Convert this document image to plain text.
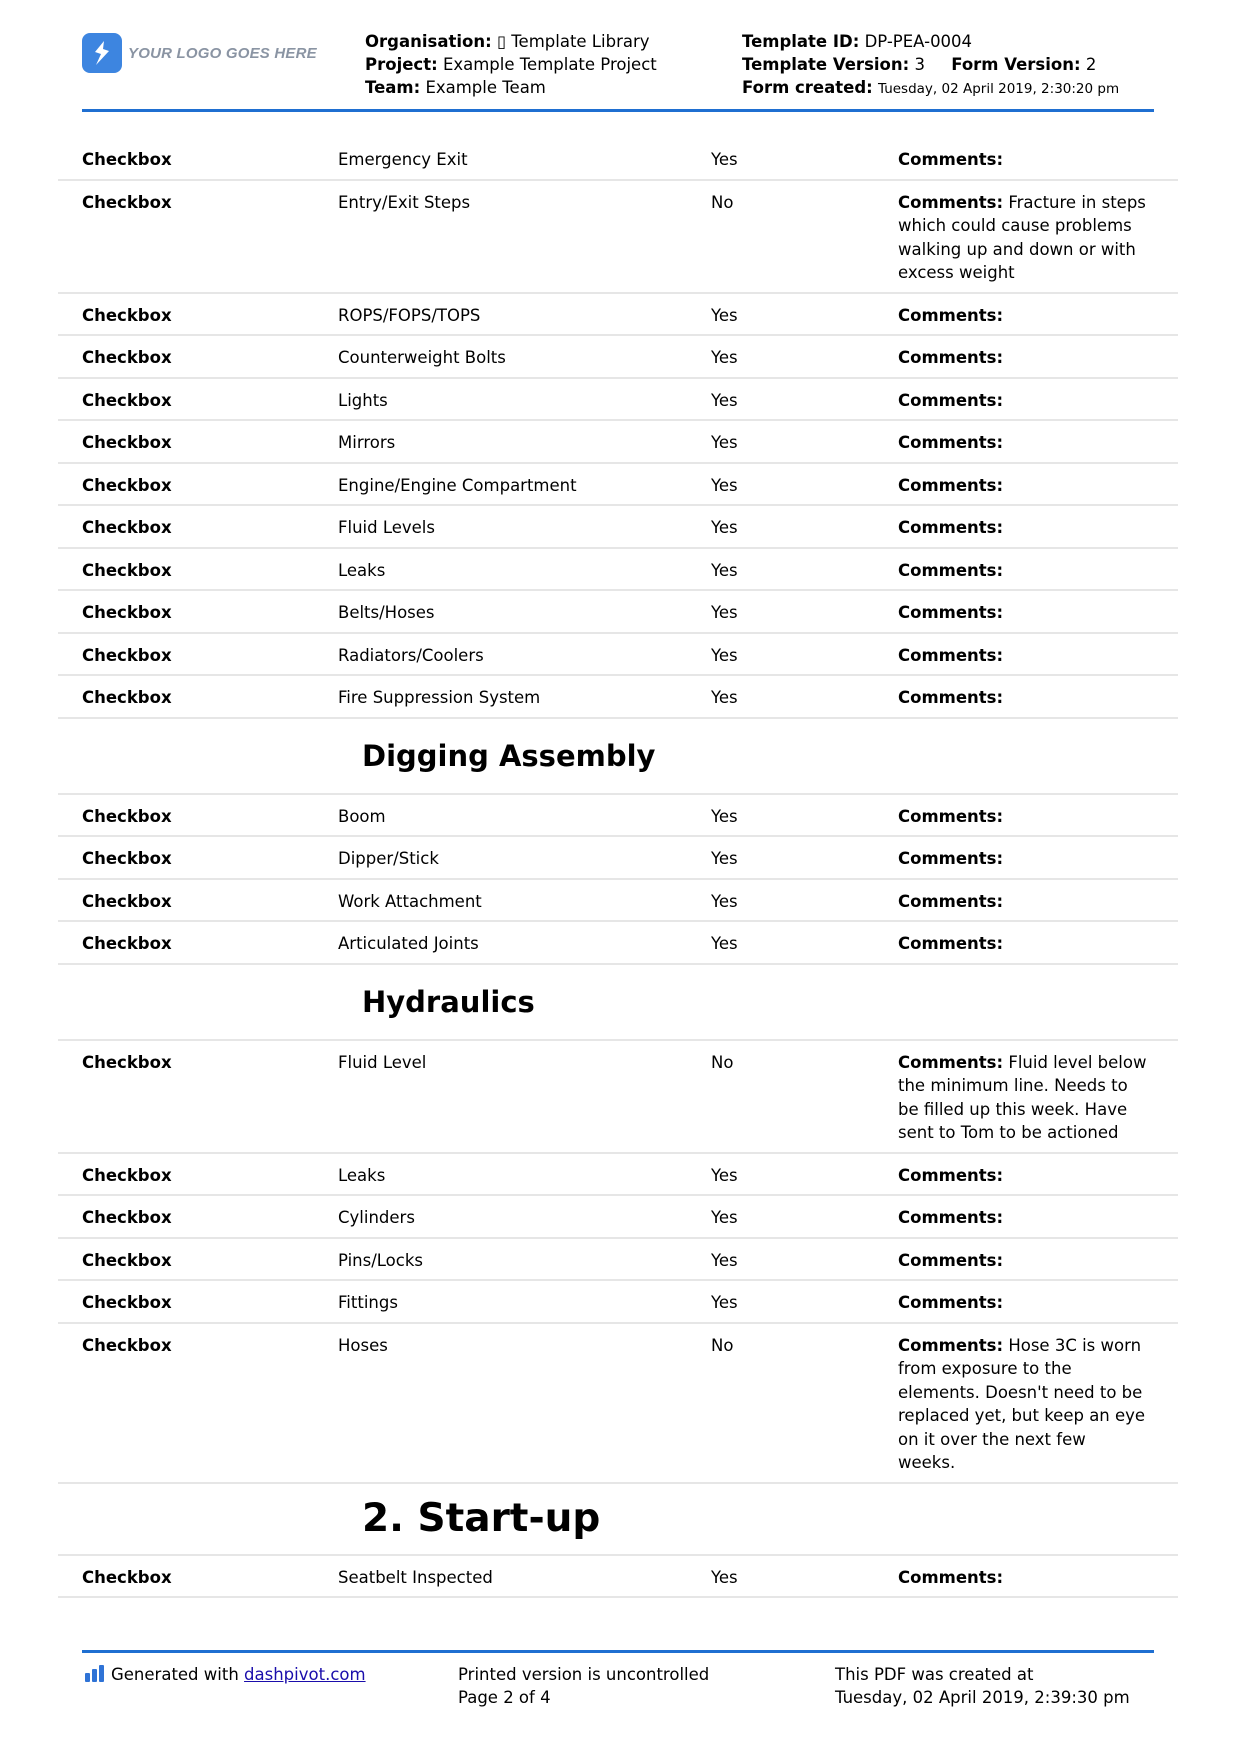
YOUR LOGO GOES HERE
Organisation: ▯ Template Library
Project: Example Template Project
Team: Example Team
Template ID: DP-PEA-0004
Template Version: 3 Form Version: 2
Form created: Tuesday, 02 April 2019, 2:30:20 pm
Checkbox	Emergency Exit	Yes	Comments:
Checkbox	Entry/Exit Steps	No	Comments: Fracture in steps which could cause problems walking up and down or with excess weight
Checkbox	ROPS/FOPS/TOPS	Yes	Comments:
Checkbox	Counterweight Bolts	Yes	Comments:
Checkbox	Lights	Yes	Comments:
Checkbox	Mirrors	Yes	Comments:
Checkbox	Engine/Engine Compartment	Yes	Comments:
Checkbox	Fluid Levels	Yes	Comments:
Checkbox	Leaks	Yes	Comments:
Checkbox	Belts/Hoses	Yes	Comments:
Checkbox	Radiators/Coolers	Yes	Comments:
Checkbox	Fire Suppression System	Yes	Comments:
Digging Assembly
Checkbox	Boom	Yes	Comments:
Checkbox	Dipper/Stick	Yes	Comments:
Checkbox	Work Attachment	Yes	Comments:
Checkbox	Articulated Joints	Yes	Comments:
Hydraulics
Checkbox	Fluid Level	No	Comments: Fluid level below the minimum line. Needs to be filled up this week. Have sent to Tom to be actioned
Checkbox	Leaks	Yes	Comments:
Checkbox	Cylinders	Yes	Comments:
Checkbox	Pins/Locks	Yes	Comments:
Checkbox	Fittings	Yes	Comments:
Checkbox	Hoses	No	Comments: Hose 3C is worn from exposure to the elements. Doesn't need to be replaced yet, but keep an eye on it over the next few weeks.
2. Start-up
Checkbox	Seatbelt Inspected	Yes	Comments:
Generated with dashpivot.com	Printed version is uncontrolled
Page 2 of 4
This PDF was created at
Tuesday, 02 April 2019, 2:39:30 pm
